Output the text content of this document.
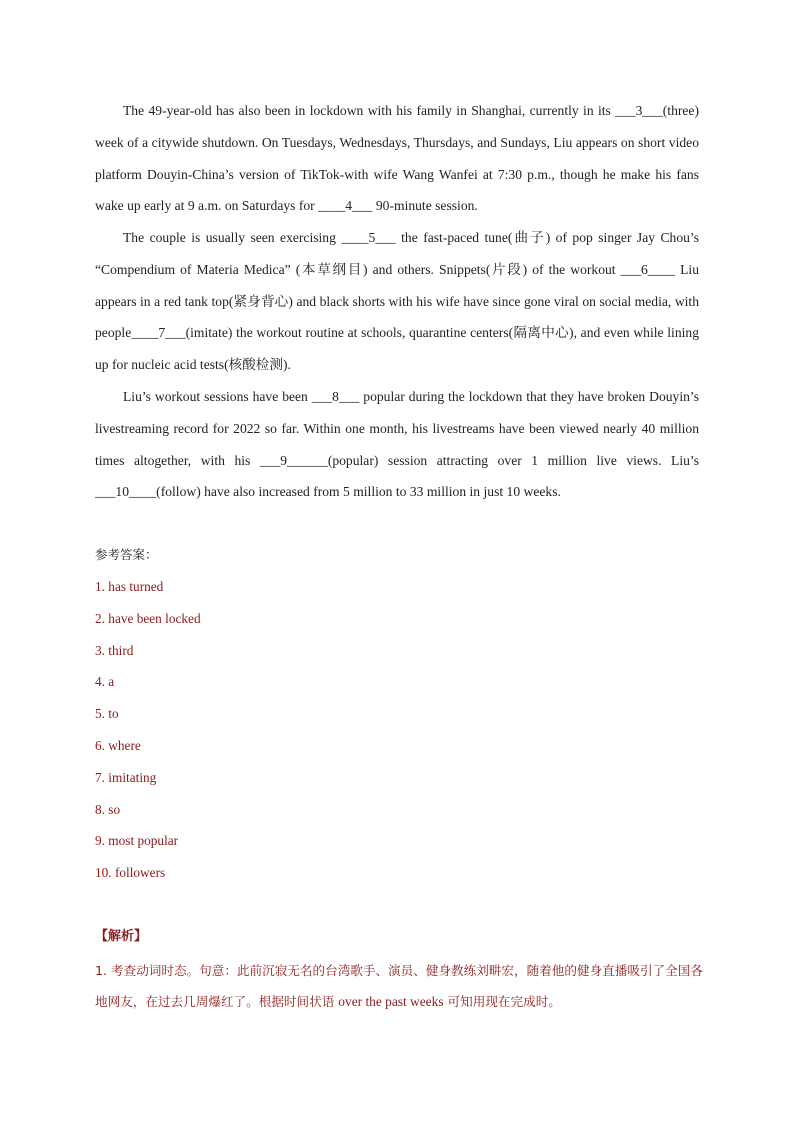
The 49-year-old has also been in lockdown with his family in Shanghai, currently in its ___3___(three) week of a citywide shutdown. On Tuesdays, Wednesdays, Thursdays, and Sundays, Liu appears on short video platform Douyin-China’s version of TikTok-with wife Wang Wanfei at 7:30 p.m., though he make his fans wake up early at 9 a.m. on Saturdays for ____4___ 90-minute session.

The couple is usually seen exercising ____5___ the fast-paced tune(曲子) of pop singer Jay Chou’s “Compendium of Materia Medica” (本草纲目) and others. Snippets(片段) of the workout ___6____ Liu appears in a red tank top(紧身背心) and black shorts with his wife have since gone viral on social media, with people____7___(imitate) the workout routine at schools, quarantine centers(隔离中心), and even while lining up for nucleic acid tests(核酸检测).

Liu’s workout sessions have been ___8___ popular during the lockdown that they have broken Douyin’s livestreaming record for 2022 so far. Within one month, his livestreams have been viewed nearly 40 million times altogether, with his ___9______(popular) session attracting over 1 million live views. Liu’s ___10____(follow) have also increased from 5 million to 33 million in just 10 weeks.

参考答案：
1. has turned
2. have been locked
3. third
4. a
5. to
6. where
7. imitating
8. so
9. most popular
10. followers
【解析】

1. 考查动词时态。句意：此前沉寂无名的台湾歌手、演员、健身教练刘畊宏，随着他的健身直播吸引了全国各地网友，在过去几周爆红了。根据时间状语 over the past weeks 可知用现在完成时。
